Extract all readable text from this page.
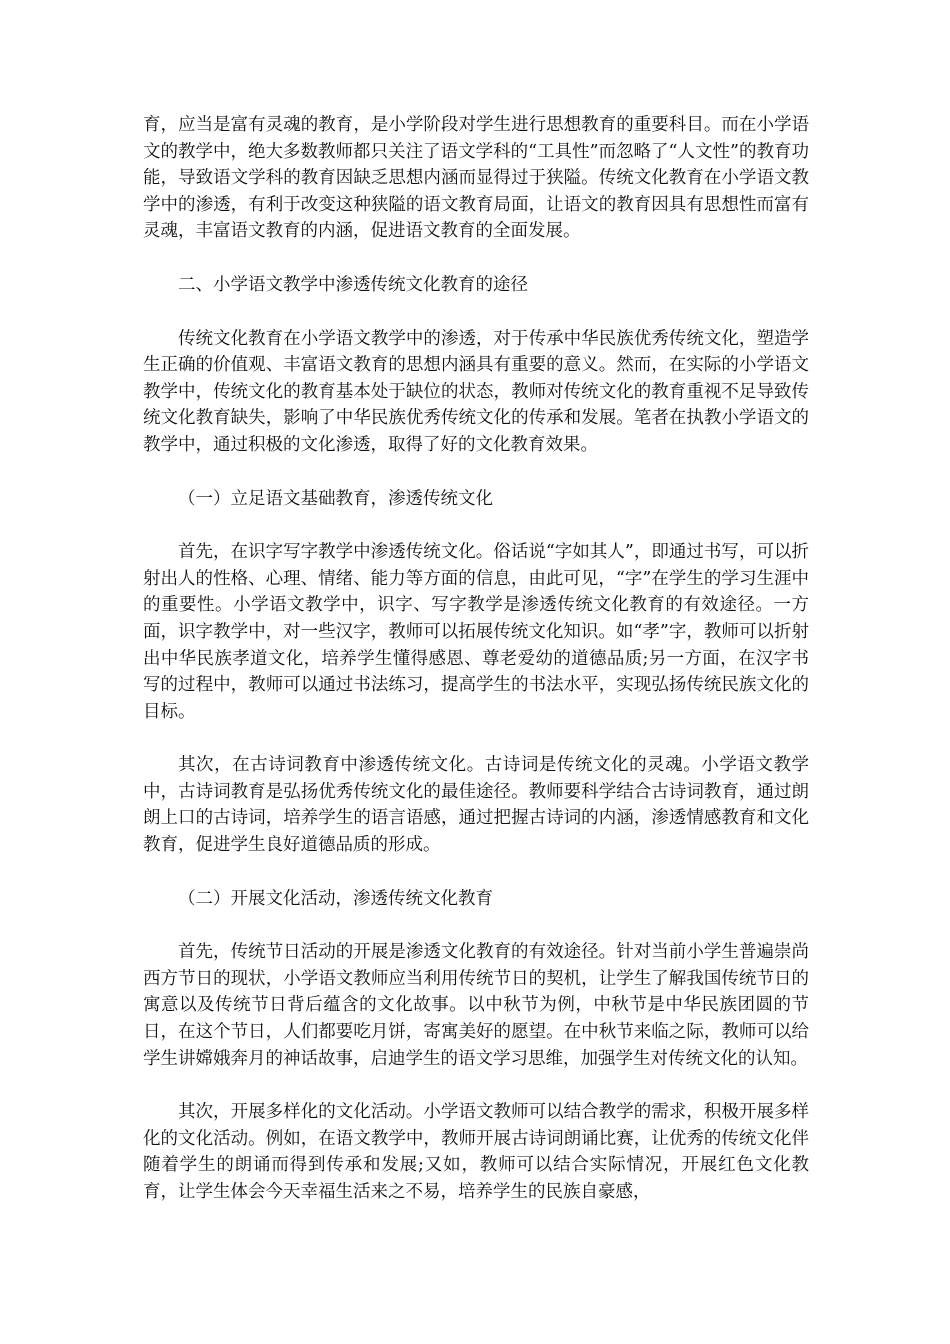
育，应当是富有灵魂的教育，是小学阶段对学生进行思想教育的重要科目。而在小学语文的教学中，绝大多数教师都只关注了语文学科的“工具性”而忽略了“人文性”的教育功能，导致语文学科的教育因缺乏思想内涵而显得过于狭隘。传统文化教育在小学语文教学中的渗透，有利于改变这种狭隘的语文教育局面，让语文的教育因具有思想性而富有灵魂，丰富语文教育的内涵，促进语文教育的全面发展。

二、小学语文教学中渗透传统文化教育的途径

传统文化教育在小学语文教学中的渗透，对于传承中华民族优秀传统文化，塑造学生正确的价值观、丰富语文教育的思想内涵具有重要的意义。然而，在实际的小学语文教学中，传统文化的教育基本处于缺位的状态，教师对传统文化的教育重视不足导致传统文化教育缺失，影响了中华民族优秀传统文化的传承和发展。笔者在执教小学语文的教学中，通过积极的文化渗透，取得了好的文化教育效果。

（一）立足语文基础教育，渗透传统文化

首先，在识字写字教学中渗透传统文化。俗话说“字如其人”，即通过书写，可以折射出人的性格、心理、情绪、能力等方面的信息，由此可见，“字”在学生的学习生涯中的重要性。小学语文教学中，识字、写字教学是渗透传统文化教育的有效途径。一方面，识字教学中，对一些汉字，教师可以拓展传统文化知识。如“孝”字，教师可以折射出中华民族孝道文化，培养学生懂得感恩、尊老爱幼的道德品质;另一方面，在汉字书写的过程中，教师可以通过书法练习，提高学生的书法水平，实现弘扬传统民族文化的目标。

其次，在古诗词教育中渗透传统文化。古诗词是传统文化的灵魂。小学语文教学中，古诗词教育是弘扬优秀传统文化的最佳途径。教师要科学结合古诗词教育，通过朗朗上口的古诗词，培养学生的语言语感，通过把握古诗词的内涵，渗透情感教育和文化教育，促进学生良好道德品质的形成。

（二）开展文化活动，渗透传统文化教育

首先，传统节日活动的开展是渗透文化教育的有效途径。针对当前小学生普遍崇尚西方节日的现状，小学语文教师应当利用传统节日的契机，让学生了解我国传统节日的寓意以及传统节日背后蕴含的文化故事。以中秋节为例，中秋节是中华民族团圆的节日，在这个节日，人们都要吃月饼，寄寓美好的愿望。在中秋节来临之际，教师可以给学生讲嫦娥奔月的神话故事，启迪学生的语文学习思维，加强学生对传统文化的认知。

其次，开展多样化的文化活动。小学语文教师可以结合教学的需求，积极开展多样化的文化活动。例如，在语文教学中，教师开展古诗词朗诵比赛，让优秀的传统文化伴随着学生的朗诵而得到传承和发展;又如，教师可以结合实际情况，开展红色文化教育，让学生体会今天幸福生活来之不易，培养学生的民族自豪感，
